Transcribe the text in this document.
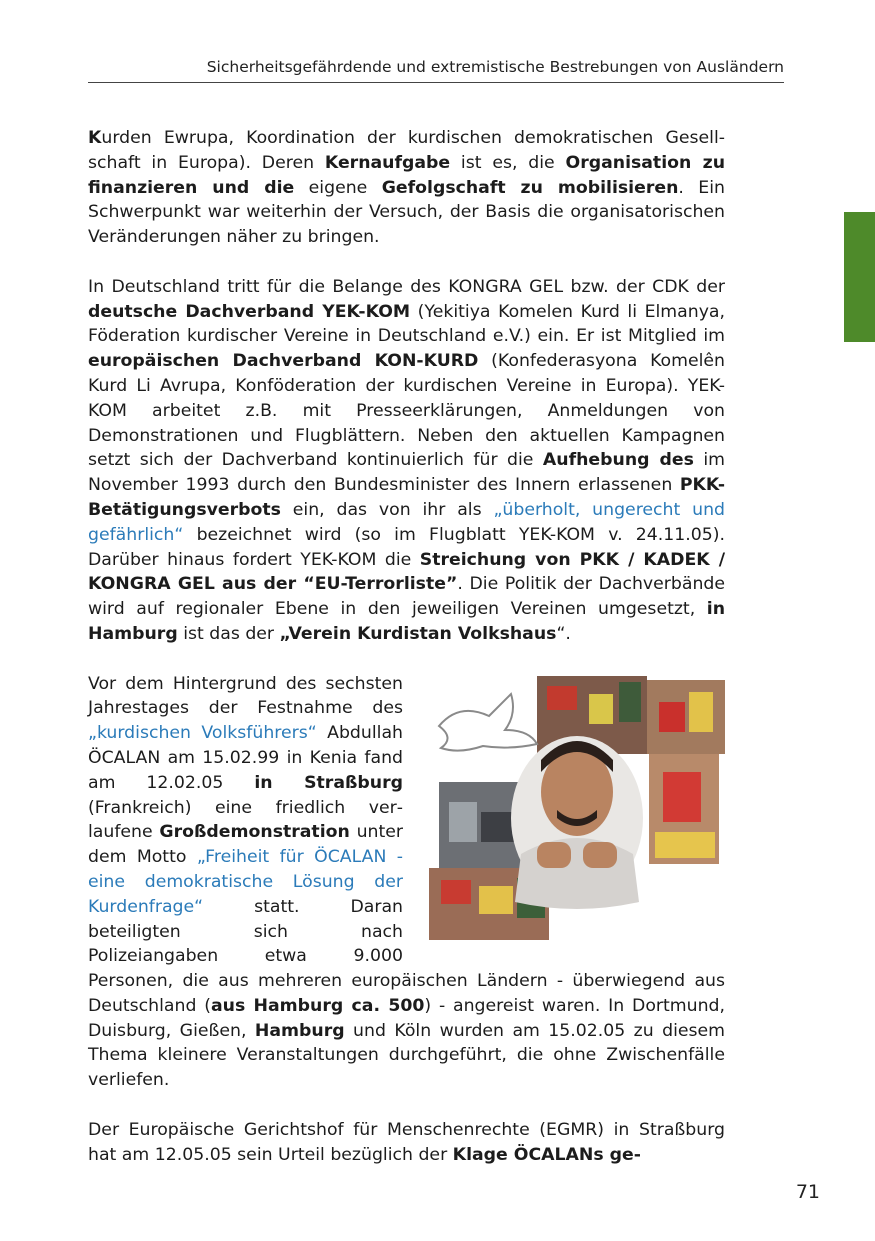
Sicherheitsgefährdende und extremistische Bestrebungen von Ausländern

Kurden Ewrupa, Koordination der kurdischen demokratischen Gesellschaft in Europa). Deren Kernaufgabe ist es, die Organisation zu finanzieren und die eigene Gefolgschaft zu mobilisieren. Ein Schwerpunkt war weiterhin der Versuch, der Basis die organisatorischen Veränderungen näher zu bringen.

In Deutschland tritt für die Belange des KONGRA GEL bzw. der CDK der deutsche Dachverband YEK-KOM (Yekitiya Komelen Kurd li Elmanya, Föderation kurdischer Vereine in Deutschland e.V.) ein. Er ist Mitglied im europäischen Dachverband KON-KURD (Konfederasyona Komelên Kurd Li Avrupa, Konföderation der kurdischen Vereine in Europa). YEK-KOM arbeitet z.B. mit Presseerklärungen, Anmeldungen von Demonstrationen und Flugblättern. Neben den aktuellen Kampagnen setzt sich der Dachverband kontinuierlich für die Aufhebung des im November 1993 durch den Bundesminister des Innern erlassenen PKK-Betätigungsverbots ein, das von ihr als „überholt, ungerecht und gefährlich“ bezeichnet wird (so im Flugblatt YEK-KOM v. 24.11.05). Darüber hinaus fordert YEK-KOM die Streichung von PKK / KADEK / KONGRA GEL aus der “EU-Terrorliste”. Die Politik der Dachverbände wird auf regionaler Ebene in den jeweiligen Vereinen umgesetzt, in Hamburg ist das der „Verein Kurdistan Volkshaus“.

Vor dem Hintergrund des sechsten Jahrestages der Festnahme des „kurdischen Volksführers“ Abdullah ÖCALAN am 15.02.99 in Kenia fand am 12.02.05 in Straßburg (Frankreich) eine friedlich verlaufene Großdemonstration unter dem Motto „Freiheit für ÖCALAN - eine demokratische Lösung der Kurdenfrage“ statt. Daran beteiligten sich nach Polizeiangaben etwa 9.000 Personen, die aus mehreren europäischen Ländern - überwiegend aus Deutschland (aus Hamburg ca. 500) - angereist waren. In Dortmund, Duisburg, Gießen, Hamburg und Köln wurden am 15.02.05 zu diesem Thema kleinere Veranstaltungen durchgeführt, die ohne Zwischenfälle verliefen.

Der Europäische Gerichtshof für Menschenrechte (EGMR) in Straßburg hat am 12.05.05 sein Urteil bezüglich der Klage ÖCALANs ge-

71
